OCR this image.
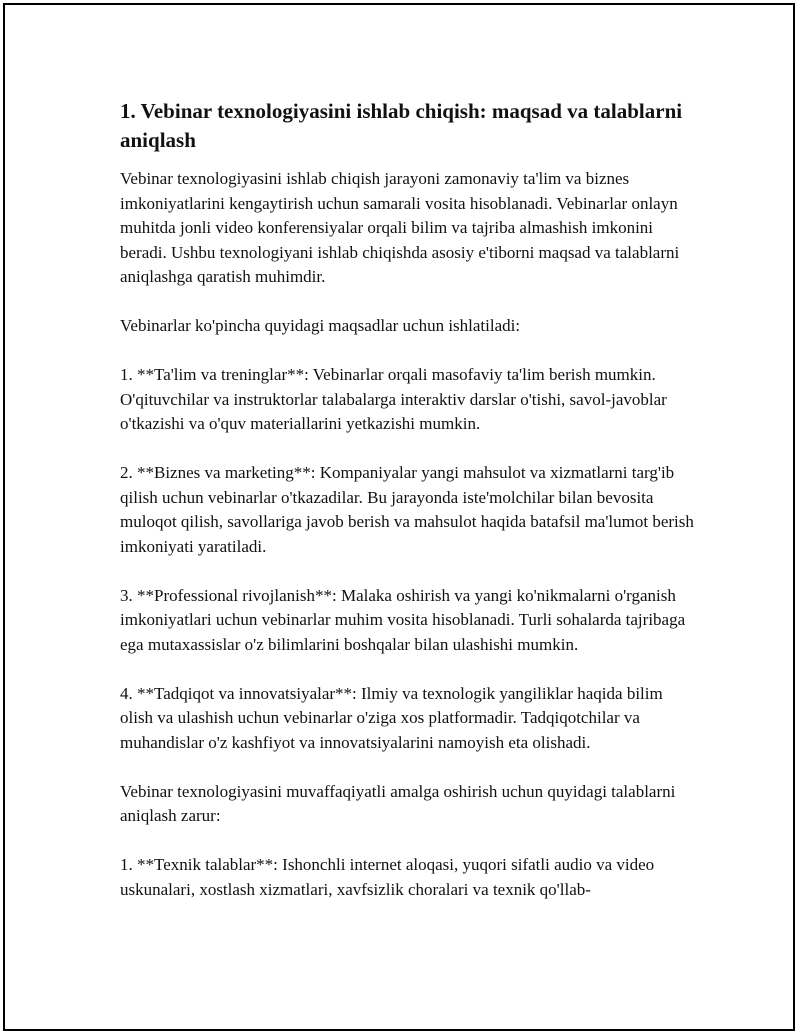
1. Vebinar texnologiyasini ishlab chiqish: maqsad va talablarni aniqlash

Vebinar texnologiyasini ishlab chiqish jarayoni zamonaviy ta'lim va biznes imkoniyatlarini kengaytirish uchun samarali vosita hisoblanadi. Vebinarlar onlayn muhitda jonli video konferensiyalar orqali bilim va tajriba almashish imkonini beradi. Ushbu texnologiyani ishlab chiqishda asosiy e'tiborni maqsad va talablarni aniqlashga qaratish muhimdir.

Vebinarlar ko'pincha quyidagi maqsadlar uchun ishlatiladi:

1. **Ta'lim va treninglar**: Vebinarlar orqali masofaviy ta'lim berish mumkin. O'qituvchilar va instruktorlar talabalarga interaktiv darslar o'tishi, savol-javoblar o'tkazishi va o'quv materiallarini yetkazishi mumkin.

2. **Biznes va marketing**: Kompaniyalar yangi mahsulot va xizmatlarni targ'ib qilish uchun vebinarlar o'tkazadilar. Bu jarayonda iste'molchilar bilan bevosita muloqot qilish, savollariga javob berish va mahsulot haqida batafsil ma'lumot berish imkoniyati yaratiladi.

3. **Professional rivojlanish**: Malaka oshirish va yangi ko'nikmalarni o'rganish imkoniyatlari uchun vebinarlar muhim vosita hisoblanadi. Turli sohalarda tajribaga ega mutaxassislar o'z bilimlarini boshqalar bilan ulashishi mumkin.

4. **Tadqiqot va innovatsiyalar**: Ilmiy va texnologik yangiliklar haqida bilim olish va ulashish uchun vebinarlar o'ziga xos platformadir. Tadqiqotchilar va muhandislar o'z kashfiyot va innovatsiyalarini namoyish eta olishadi.

Vebinar texnologiyasini muvaffaqiyatli amalga oshirish uchun quyidagi talablarni aniqlash zarur:

1. **Texnik talablar**: Ishonchli internet aloqasi, yuqori sifatli audio va video uskunalari, xostlash xizmatlari, xavfsizlik choralari va texnik qo'llab-
